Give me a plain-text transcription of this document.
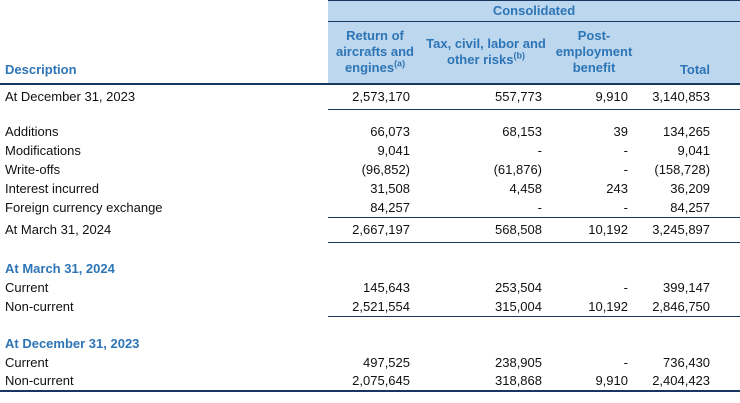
	Consolidated			
Description	Return of aircrafts and engines$^{(a)}$	Tax, civil, labor and other risks$^{(b)}$	Post-employment benefit	Total
At December 31, 2023	2,573,170	557,773	9,910	3,140,853

Additions	66,073	68,153	39	134,265
Modifications	9,041	-	-	9,041
Write-offs	(96,852)	(61,876)	-	(158,728)
Interest incurred	31,508	4,458	243	36,209
Foreign currency exchange	84,257	-	-	84,257
At March 31, 2024	2,667,197	568,508	10,192	3,245,897

At March 31, 2024				
Current	145,643	253,504	-	399,147
Non-current	2,521,554	315,004	10,192	2,846,750

At December 31, 2023				
Current	497,525	238,905	-	736,430
Non-current	2,075,645	318,868	9,910	2,404,423
